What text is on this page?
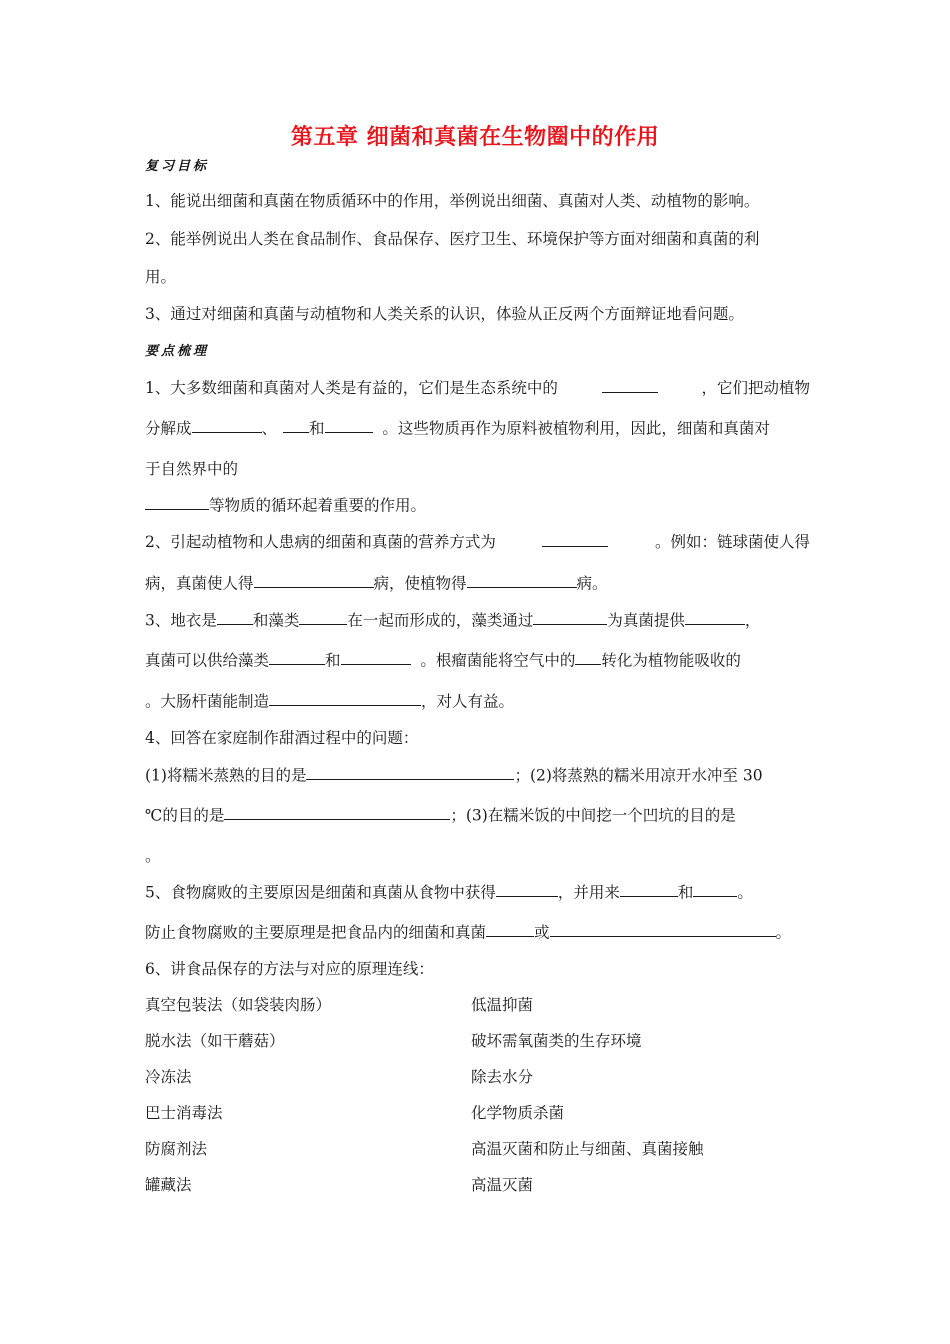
第五章 细菌和真菌在生物圈中的作用
复习目标
1、能说出细菌和真菌在物质循环中的作用，举例说出细菌、真菌对人类、动植物的影响。
2、能举例说出人类在食品制作、食品保存、医疗卫生、环境保护等方面对细菌和真菌的利
用。
3、通过对细菌和真菌与动植物和人类关系的认识，体验从正反两个方面辩证地看问题。
要点梳理
1、大多数细菌和真菌对人类是有益的，它们是生态系统中的	，它们把动植物
分解成	、 和	。这些物质再作为原料被植物利用，因此，细菌和真菌对
于自然界中的
等物质的循环起着重要的作用。
2、引起动植物和人患病的细菌和真菌的营养方式为	。例如：链球菌使人得
病，真菌使人得	病，使植物得	病。
3、地衣是 和藻类	在一起而形成的，藻类通过	为真菌提供	，
真菌可以供给藻类	和	。根瘤菌能将空气中的 转化为植物能吸收的
。大肠杆菌能制造	，对人有益。
4、回答在家庭制作甜酒过程中的问题：
(1)将糯米蒸熟的目的是	；(2)将蒸熟的糯米用凉开水冲至 30
℃的目的是	；(3)在糯米饭的中间挖一个凹坑的目的是
。
5、食物腐败的主要原因是细菌和真菌从食物中获得	，并用来	和	。
防止食物腐败的主要原理是把食品内的细菌和真菌	或	。
6、讲食品保存的方法与对应的原理连线：
真空包装法（如袋装肉肠）	低温抑菌
脱水法（如干蘑菇）	破坏需氧菌类的生存环境
冷冻法	除去水分
巴士消毒法	化学物质杀菌
防腐剂法	高温灭菌和防止与细菌、真菌接触
罐藏法	高温灭菌
